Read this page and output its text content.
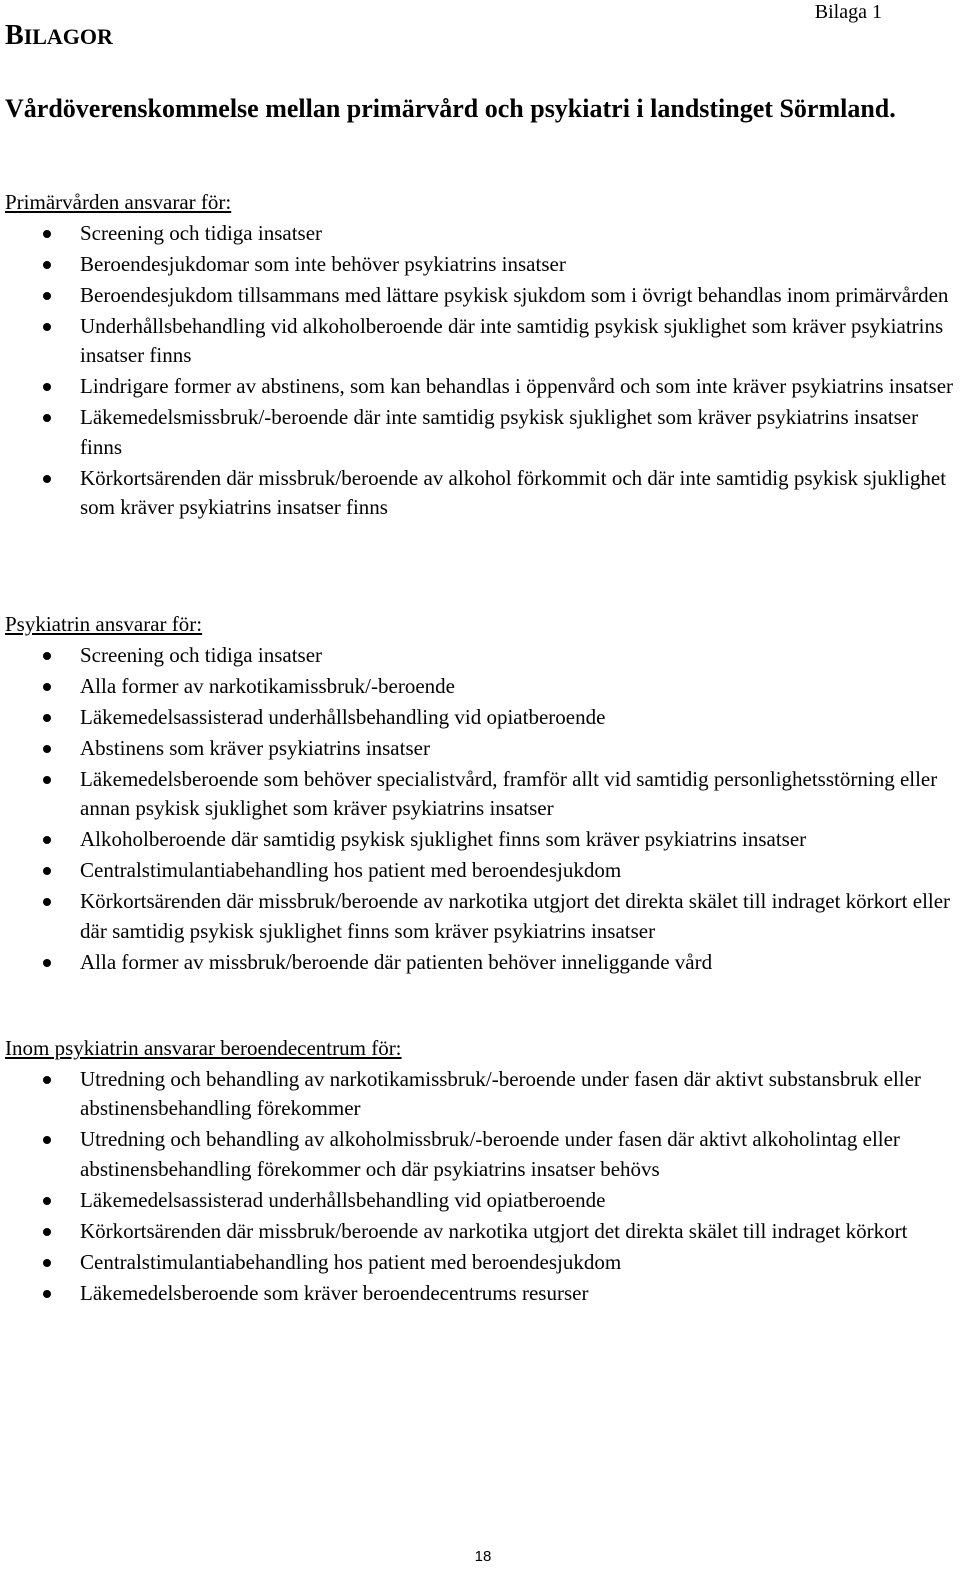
Bilaga 1
BILAGOR
Vårdöverenskommelse mellan primärvård och psykiatri i landstinget Sörmland.

Primärvården ansvarar för:

Screening och tidiga insatser
Beroendesjukdomar som inte behöver psykiatrins insatser
Beroendesjukdom tillsammans med lättare psykisk sjukdom som i övrigt behandlas inom primärvården
Underhållsbehandling vid alkoholberoende där inte samtidig psykisk sjuklighet som kräver psykiatrins insatser finns
Lindrigare former av abstinens, som kan behandlas i öppenvård och som inte kräver psykiatrins insatser
Läkemedelsmissbruk/-beroende där inte samtidig psykisk sjuklighet som kräver psykiatrins insatser finns
Körkortsärenden där missbruk/beroende av alkohol förkommit och där inte samtidig psykisk sjuklighet som kräver psykiatrins insatser finns

Psykiatrin ansvarar för:

Screening och tidiga insatser
Alla former av narkotikamissbruk/-beroende
Läkemedelsassisterad underhållsbehandling vid opiatberoende
Abstinens som kräver psykiatrins insatser
Läkemedelsberoende som behöver specialistvård, framför allt vid samtidig personlighetsstörning eller annan psykisk sjuklighet som kräver psykiatrins insatser
Alkoholberoende där samtidig psykisk sjuklighet finns som kräver psykiatrins insatser
Centralstimulantiabehandling hos patient med beroendesjukdom
Körkortsärenden där missbruk/beroende av narkotika utgjort det direkta skälet till indraget körkort eller där samtidig psykisk sjuklighet finns som kräver psykiatrins insatser
Alla former av missbruk/beroende där patienten behöver inneliggande vård

Inom psykiatrin ansvarar beroendecentrum för:

Utredning och behandling av narkotikamissbruk/-beroende under fasen där aktivt substansbruk eller abstinensbehandling förekommer
Utredning och behandling av alkoholmissbruk/-beroende under fasen där aktivt alkoholintag eller abstinensbehandling förekommer och där psykiatrins insatser behövs
Läkemedelsassisterad underhållsbehandling vid opiatberoende
Körkortsärenden där missbruk/beroende av narkotika utgjort det direkta skälet till indraget körkort
Centralstimulantiabehandling hos patient med beroendesjukdom
Läkemedelsberoende som kräver beroendecentrums resurser
18
